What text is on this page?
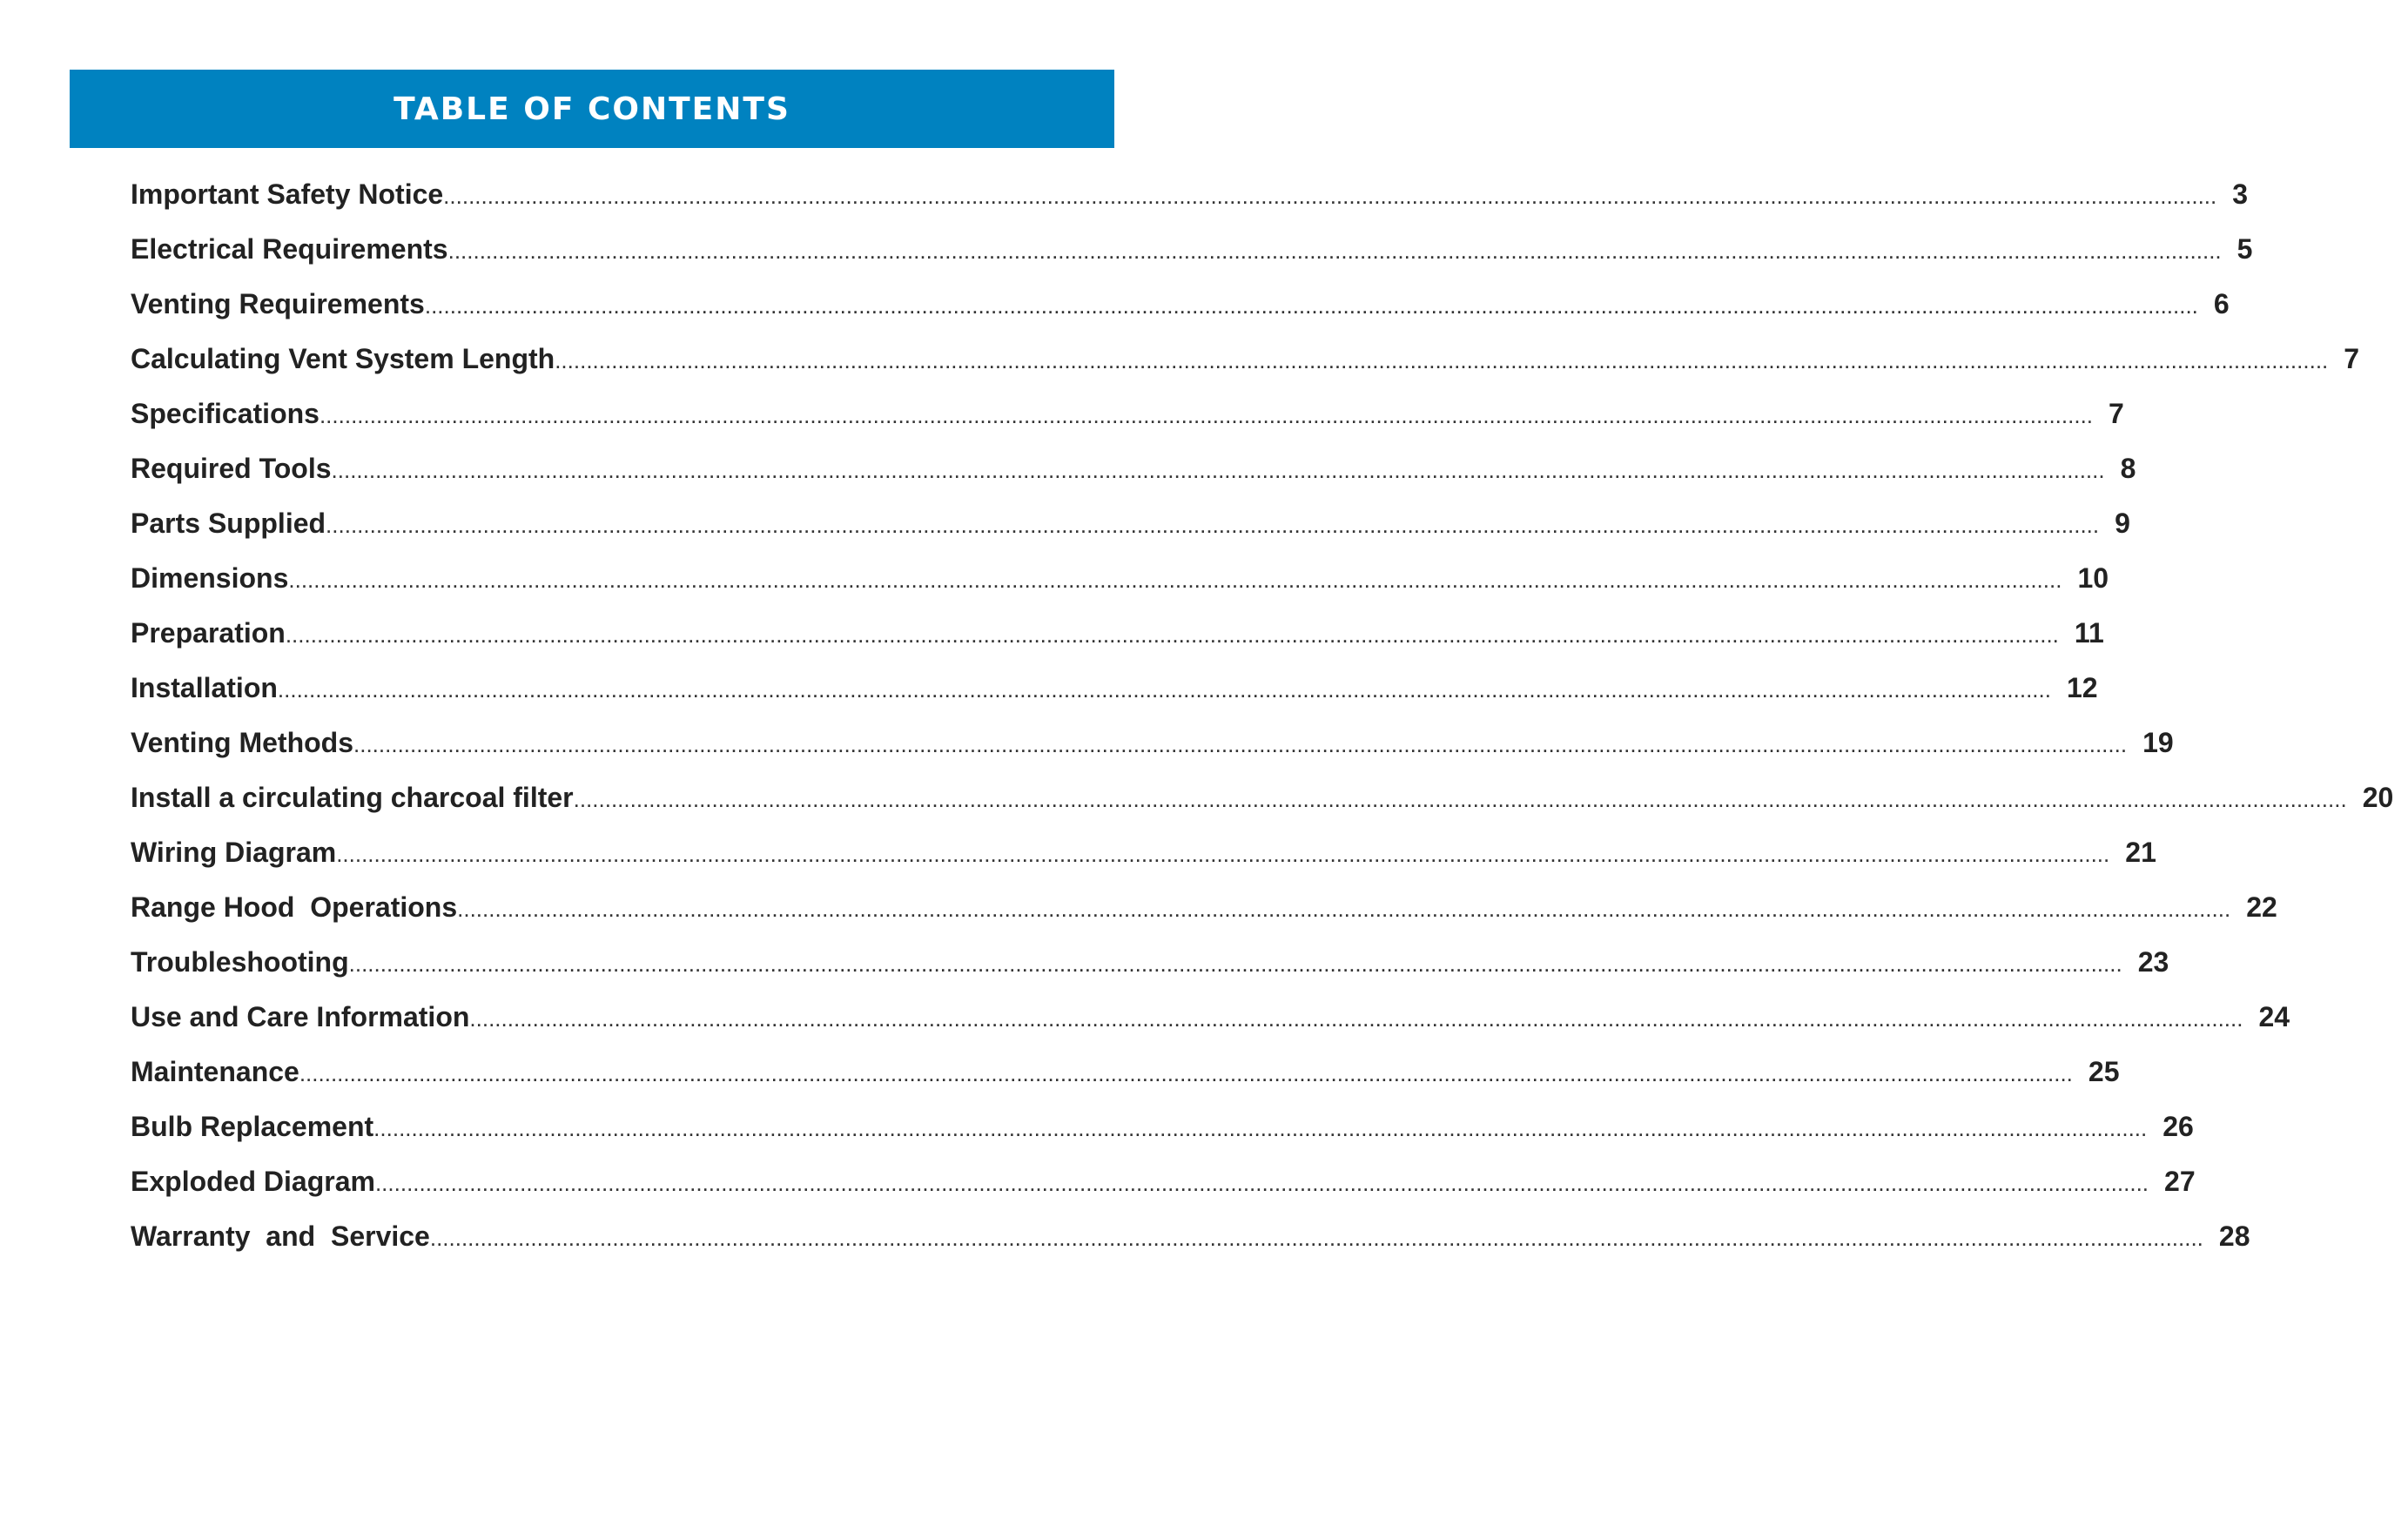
TABLE OF CONTENTS
Important Safety Notice .......................................................................................................................................................................................................................................................................................... 3
Electrical Requirements .......................................................................................................................................................................................................................................................................................... 5
Venting Requirements .......................................................................................................................................................................................................................................................................................... 6
Calculating Vent System Length .......................................................................................................................................................................................................................................................................................... 7
Specifications .......................................................................................................................................................................................................................................................................................... 7
Required Tools .......................................................................................................................................................................................................................................................................................... 8
Parts Supplied .......................................................................................................................................................................................................................................................................................... 9
Dimensions .......................................................................................................................................................................................................................................................................................... 10
Preparation .......................................................................................................................................................................................................................................................................................... 11
Installation .......................................................................................................................................................................................................................................................................................... 12
Venting Methods .......................................................................................................................................................................................................................................................................................... 19
Install a circulating charcoal filter .......................................................................................................................................................................................................................................................................................... 20
Wiring Diagram .......................................................................................................................................................................................................................................................................................... 21
Range Hood  Operations .......................................................................................................................................................................................................................................................................................... 22
Troubleshooting .......................................................................................................................................................................................................................................................................................... 23
Use and Care Information .......................................................................................................................................................................................................................................................................................... 24
Maintenance .......................................................................................................................................................................................................................................................................................... 25
Bulb Replacement .......................................................................................................................................................................................................................................................................................... 26
Exploded Diagram .......................................................................................................................................................................................................................................................................................... 27
Warranty  and  Service .......................................................................................................................................................................................................................................................................................... 28
